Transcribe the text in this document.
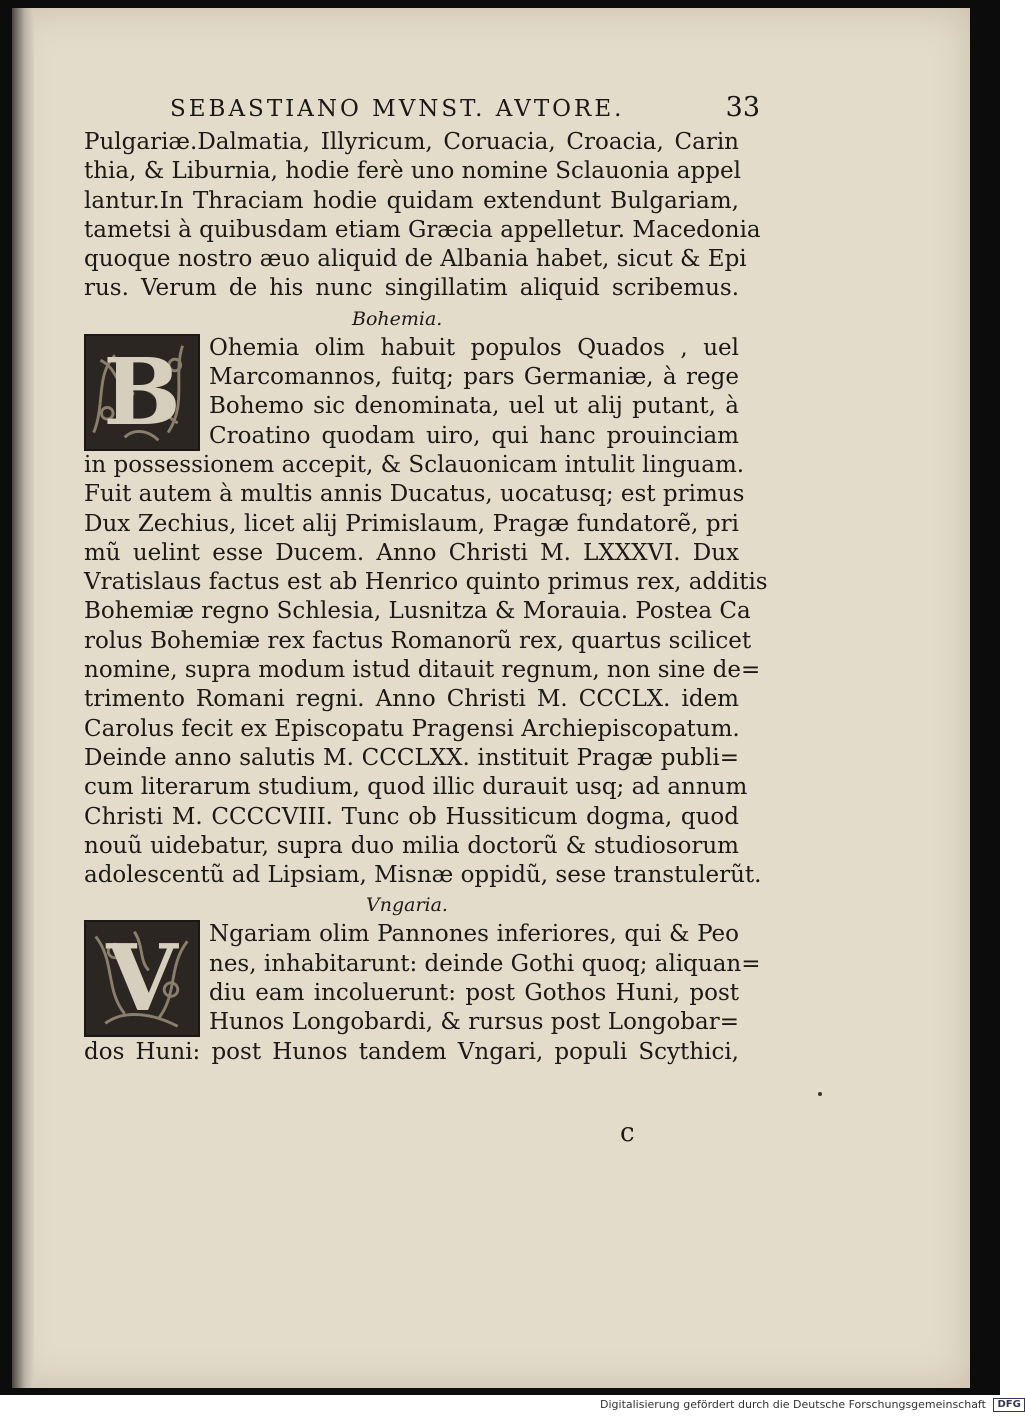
SEBASTIANO MVNST. AVTORE.	33
Pulgariæ.Dalmatia, Illyricum, Coruacia, Croacia, Carin
thia, & Liburnia, hodie ferè uno nomine Sclauonia appel
lantur.In Thraciam hodie quidam extendunt Bulgariam,
tametsi à quibusdam etiam Græcia appelletur. Macedonia
quoque nostro æuo aliquid de Albania habet, sicut & Epi
rus. Verum de his nunc singillatim aliquid scribemus.
Bohemia.
B	Ohemia olim habuit populos Quados , uel
Marcomannos, fuitq; pars Germaniæ, à rege
Bohemo sic denominata, uel ut alij putant, à
Croatino quodam uiro, qui hanc prouinciam
in possessionem accepit, & Sclauonicam intulit linguam.
Fuit autem à multis annis Ducatus, uocatusq; est primus
Dux Zechius, licet alij Primislaum, Pragæ fundatorẽ, pri
mũ uelint esse Ducem. Anno Christi M. LXXXVI. Dux
Vratislaus factus est ab Henrico quinto primus rex, additis
Bohemiæ regno Schlesia, Lusnitza & Morauia. Postea Ca
rolus Bohemiæ rex factus Romanorũ rex, quartus scilicet
nomine, supra modum istud ditauit regnum, non sine de=
trimento Romani regni. Anno Christi M. CCCLX. idem
Carolus fecit ex Episcopatu Pragensi Archiepiscopatum.
Deinde anno salutis M. CCCLXX. instituit Pragæ publi=
cum literarum studium, quod illic durauit usq; ad annum
Christi M. CCCCVIII. Tunc ob Hussiticum dogma, quod
nouũ uidebatur, supra duo milia doctorũ & studiosorum
adolescentũ ad Lipsiam, Misnæ oppidũ, sese transtulerũt.
Vngaria.
V	Ngariam olim Pannones inferiores, qui & Peo
nes, inhabitarunt: deinde Gothi quoq; aliquan=
diu eam incoluerunt: post Gothos Huni, post
Hunos Longobardi, & rursus post Longobar=
dos Huni: post Hunos tandem Vngari, populi Scythici,
c
Digitalisierung gefördert durch die Deutsche Forschungsgemeinschaft DFG
